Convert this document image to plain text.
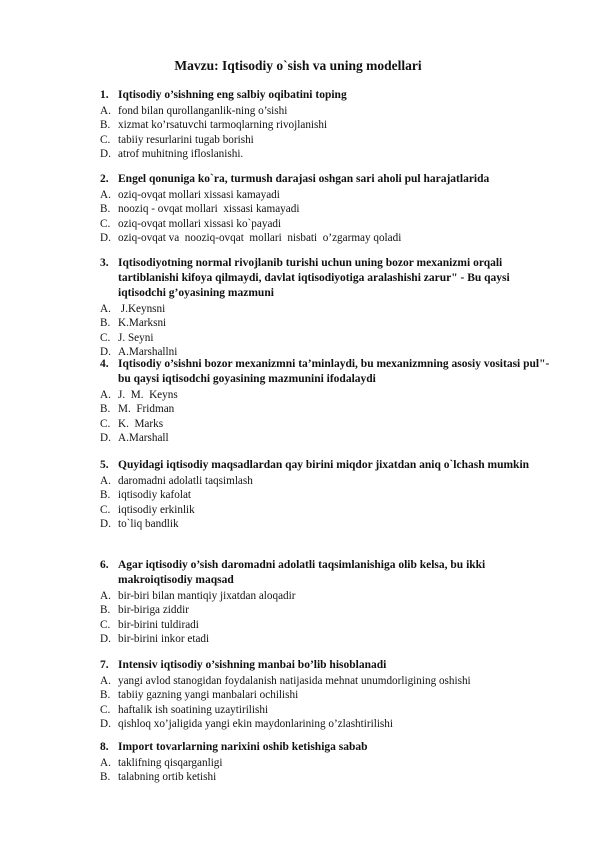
Mavzu: Iqtisodiy o`sish va uning modellari
1. Iqtisodiy o’sishning eng salbiy oqibatini toping
A. fond bilan qurollanganlik-ning o’sishi
B. xizmat ko’rsatuvchi tarmoqlarning rivojlanishi
C. tabiiy resurlarini tugab borishi
D. atrof muhitning ifloslanishi.
2. Engel qonuniga ko`ra, turmush darajasi oshgan sari aholi pul harajatlarida
A. oziq-ovqat mollari xissasi kamayadi
B. nooziq - ovqat mollari  xissasi kamayadi
C. oziq-ovqat mollari xissasi ko`payadi
D. oziq-ovqat va  nooziq-ovqat  mollari  nisbati  o’zgarmay qoladi
3. Iqtisodiyotning normal rivojlanib turishi uchun uning bozor mexanizmi orqali tartiblanishi kifoya qilmaydi, davlat iqtisodiyotiga aralashishi zarur" - Bu qaysi iqtisodchi g’oyasining mazmuni
A. J.Keynsni
B. K.Marksni
C. J. Seyni
D. A.Marshallni
4. Iqtisodiy o’sishni bozor mexanizmni ta’minlaydi, bu mexanizmning asosiy vositasi pul"-bu qaysi iqtisodchi goyasining mazmunini ifodalaydi
A. J.  M.  Keyns
B. M.  Fridman
C. K.  Marks
D. A.Marshall
5. Quyidagi iqtisodiy maqsadlardan qay birini miqdor jixatdan aniq o`lchash mumkin
A. daromadni adolatli taqsimlash
B. iqtisodiy kafolat
C. iqtisodiy erkinlik
D. to`liq bandlik
6. Agar iqtisodiy o’sish daromadni adolatli taqsimlanishiga olib kelsa, bu ikki makroiqtisodiy maqsad
A. bir-biri bilan mantiqiy jixatdan aloqadir
B. bir-biriga ziddir
C. bir-birini tuldiradi
D. bir-birini inkor etadi
7. Intensiv iqtisodiy o’sishning manbai bo’lib hisoblanadi
A. yangi avlod stanogidan foydalanish natijasida mehnat unumdorligining oshishi
B. tabiiy gazning yangi manbalari ochilishi
C. haftalik ish soatining uzaytirilishi
D. qishloq xo’jaligida yangi ekin maydonlarining o’zlashtirilishi
8. Import tovarlarning narixini oshib ketishiga sabab
A. taklifning qisqarganligi
B. talabning ortib ketishi
